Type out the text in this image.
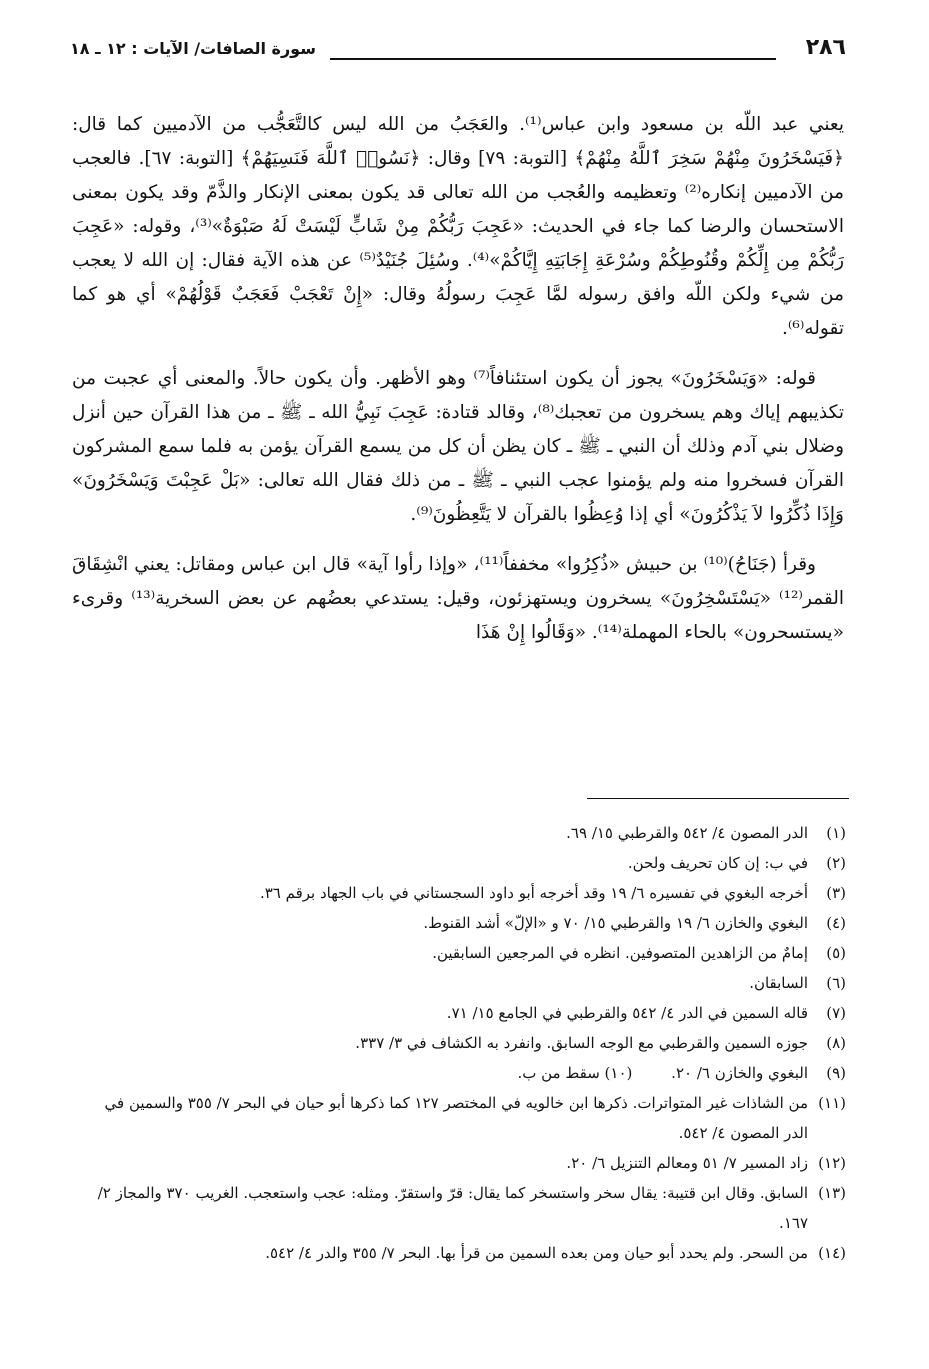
٢٨٦
سورة الصافات/ الآيات : ١٢ ـ ١٨

يعني عبد اللّه بن مسعود وابن عباس⁽¹⁾. والعَجَبُ من الله ليس كالتَّعَجُّب من الآدميين كما قال: ﴿فَيَسْخَرُونَ مِنْهُمْ سَخِرَ ٱللَّهُ مِنْهُمْ﴾ [التوبة: ٧٩] وقال: ﴿نَسُوا۟ ٱللَّهَ فَنَسِيَهُمْ﴾ [التوبة: ٦٧]. فالعجب من الآدميين إنكاره⁽²⁾ وتعظيمه والعُجب من الله تعالى قد يكون بمعنى الإنكار والذَّمّ وقد يكون بمعنى الاستحسان والرضا كما جاء في الحديث: «عَجِبَ رَبُّكُمْ مِنْ شَابٍّ لَيْسَتْ لَهُ صَبْوَةٌ»⁽³⁾، وقوله: «عَجِبَ رَبُّكُمْ مِن إِلِّكُمْ وقُنُوطِكُمْ وسُرْعَةِ إِجَابَتِهِ إِيَّاكُمْ»⁽⁴⁾. وسُئِلَ جُنَيْدٌ⁽⁵⁾ عن هذه الآية فقال: إن الله لا يعجب من شيء ولكن اللّه وافق رسوله لمَّا عَجِبَ رسولُهُ وقال: «إِنْ تَعْجَبْ فَعَجَبٌ قَوْلُهُمْ» أي هو كما تقوله⁽⁶⁾.

قوله: «وَيَسْخَرُونَ» يجوز أن يكون استئنافاً⁽⁷⁾ وهو الأظهر. وأن يكون حالاً. والمعنى أي عجبت من تكذيبهم إياك وهم يسخرون من تعجبك⁽⁸⁾، وقالد قتادة: عَجِبَ نَبِيُّ الله ـ ﷺ ـ من هذا القرآن حين أنزل وضلال بني آدم وذلك أن النبي ـ ﷺ ـ كان يظن أن كل من يسمع القرآن يؤمن به فلما سمع المشركون القرآن فسخروا منه ولم يؤمنوا عجب النبي ـ ﷺ ـ من ذلك فقال الله تعالى: «بَلْ عَجِبْتَ وَيَسْخَرُونَ» وَإِذَا ذُكِّرُوا لاَ يَذْكُرُونَ» أي إذا وُعِظُوا بالقرآن لا يَتَّعِظُونَ⁽⁹⁾.

وقرأ (جَنَاحُ)⁽¹⁰⁾ بن حبيش «ذُكِرُوا» مخففاً⁽¹¹⁾، «وإذا رأوا آية» قال ابن عباس ومقاتل: يعني انْشِقَاقَ القمر⁽¹²⁾ «يَسْتَسْخِرُونَ» يسخرون ويستهزئون، وقيل: يستدعي بعضُهم عن بعض السخرية⁽¹³⁾ وقرىء «يستسحرون» بالحاء المهملة⁽¹⁴⁾. «وَقَالُوا إِنْ هَذَا

(١)
الدر المصون ٤/ ٥٤٢ والقرطبي ١٥/ ٦٩.
(٢)
في ب: إن كان تحريف ولحن.
(٣)
أخرجه البغوي في تفسيره ٦/ ١٩ وقد أخرجه أبو داود السجستاني في باب الجهاد برقم ٣٦.
(٤)
البغوي والخازن ٦/ ١٩ والقرطبي ١٥/ ٧٠ و «الإلّ» أشد القنوط.
(٥)
إمامٌ من الزاهدين المتصوفين. انظره في المرجعين السابقين.
(٦)
السابقان.
(٧)
قاله السمين في الدر ٤/ ٥٤٢ والقرطبي في الجامع ١٥/ ٧١.
(٨)
جوزه السمين والقرطبي مع الوجه السابق. وانفرد به الكشاف في ٣/ ٣٣٧.
(٩)
البغوي والخازن ٦/ ٢٠. (١٠) سقط من ب.
(١١)
من الشاذات غير المتواترات. ذكرها ابن خالويه في المختصر ١٢٧ كما ذكرها أبو حيان في البحر ٧/ ٣٥٥ والسمين في الدر المصون ٤/ ٥٤٢.
(١٢)
زاد المسير ٧/ ٥١ ومعالم التنزيل ٦/ ٢٠.
(١٣)
السابق. وقال ابن قتيبة: يقال سخر واستسخر كما يقال: قرّ واستقرّ. ومثله: عجب واستعجب. الغريب ٣٧٠ والمجاز ٢/ ١٦٧.
(١٤)
من السحر. ولم يحدد أبو حيان ومن بعده السمين من قرأ بها. البحر ٧/ ٣٥٥ والدر ٤/ ٥٤٢.
